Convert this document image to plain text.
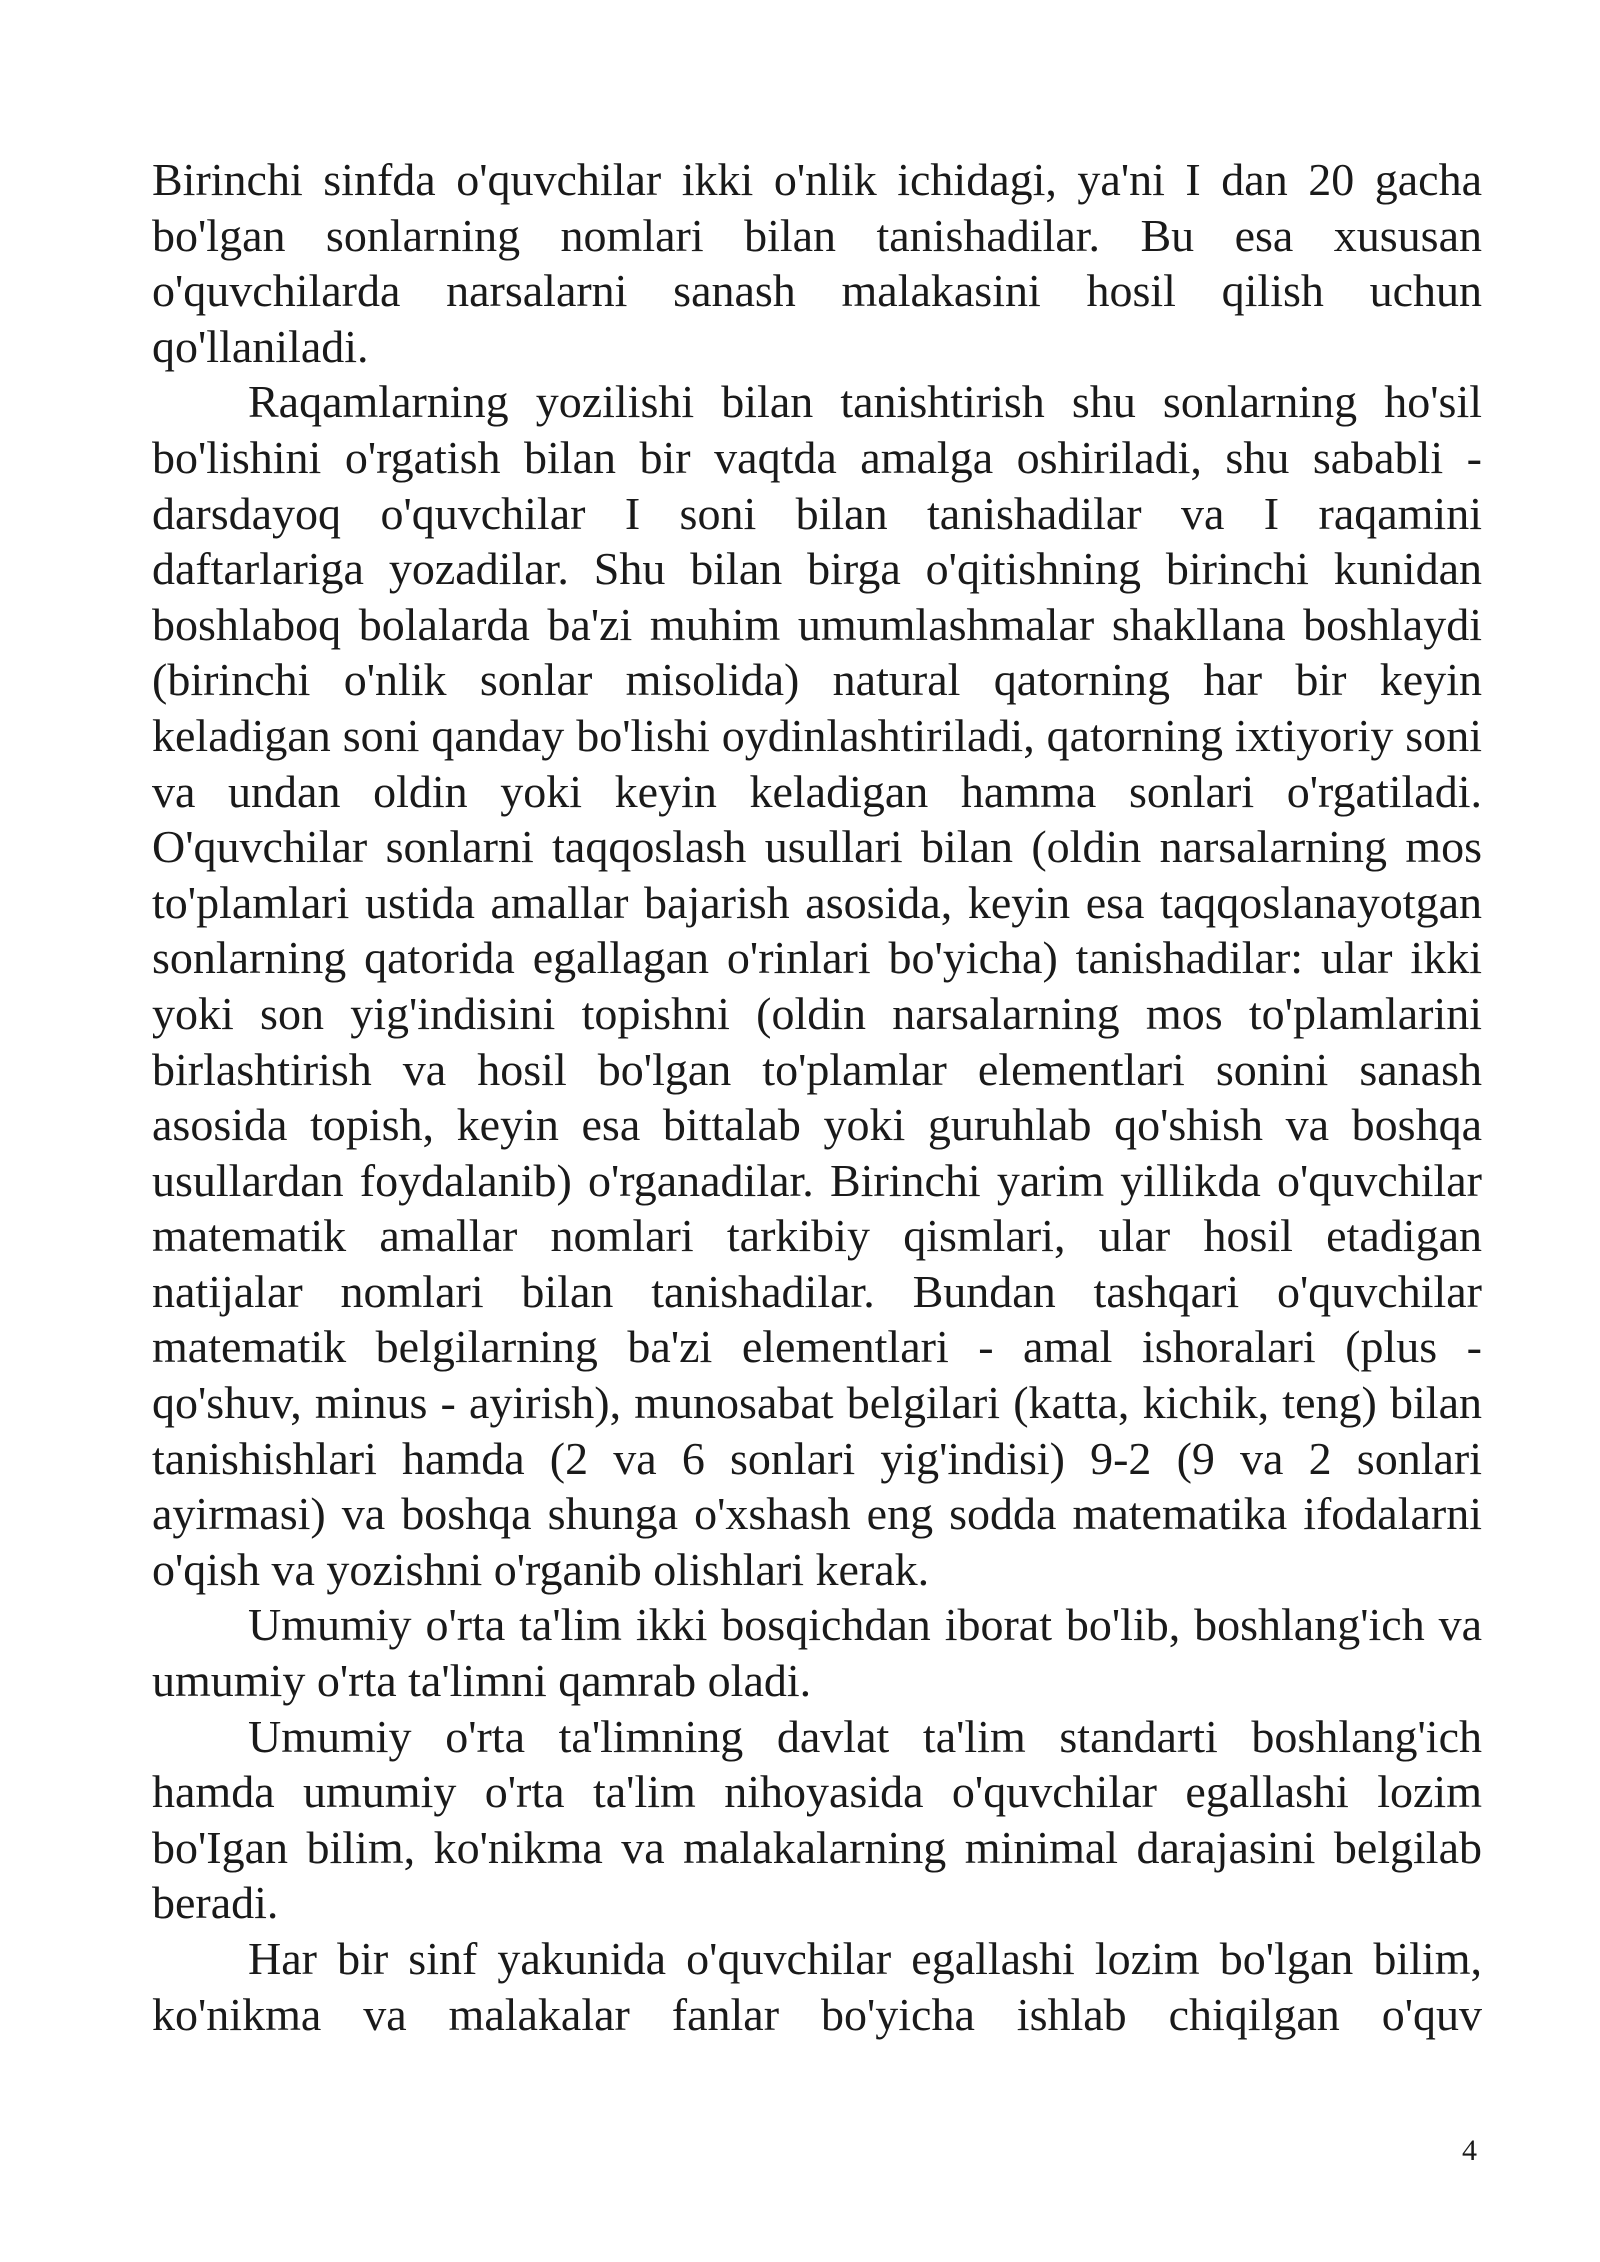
Birinchi sinfda o'quvchilar ikki o'nlik ichidagi, ya'ni I dan 20 gacha bo'lgan sonlarning nomlari bilan tanishadilar. Bu esa xususan o'quvchilarda narsalarni sanash malakasini hosil qilish uchun qo'llaniladi.

Raqamlarning yozilishi bilan tanishtirish shu sonlarning ho'sil bo'lishini o'rgatish bilan bir vaqtda amalga oshiriladi, shu sababli - darsdayoq o'quvchilar I soni bilan tanishadilar va I raqamini daftarlariga yozadilar. Shu bilan birga o'qitishning birinchi kunidan boshlaboq bolalarda ba'zi muhim umumlashmalar shakllana boshlaydi (birinchi o'nlik sonlar misolida) natural qatorning har bir keyin keladigan soni qanday bo'lishi oydinlashtiriladi, qatorning ixtiyoriy soni va undan oldin yoki keyin keladigan hamma sonlari o'rgatiladi. O'quvchilar sonlarni taqqoslash usullari bilan (oldin narsalarning mos to'plamlari ustida amallar bajarish asosida, keyin esa taqqoslanayotgan sonlarning qatorida egallagan o'rinlari bo'yicha) tanishadilar: ular ikki yoki son yig'indisini topishni (oldin narsalarning mos to'plamlarini birlashtirish va hosil bo'lgan to'plamlar elementlari sonini sanash asosida topish, keyin esa bittalab yoki guruhlab qo'shish va boshqa usullardan foydalanib) o'rganadilar. Birinchi yarim yillikda o'quvchilar matematik amallar nomlari tarkibiy qismlari, ular hosil etadigan natijalar nomlari bilan tanishadilar. Bundan tashqari o'quvchilar matematik belgilarning ba'zi elementlari - amal ishoralari (plus - qo'shuv, minus - ayirish), munosabat belgilari (katta, kichik, teng) bilan tanishishlari hamda (2 va 6 sonlari yig'indisi) 9-2 (9 va 2 sonlari ayirmasi) va boshqa shunga o'xshash eng sodda matematika ifodalarni o'qish va yozishni o'rganib olishlari kerak.

Umumiy o'rta ta'lim ikki bosqichdan iborat bo'lib, boshlang'ich va umumiy o'rta ta'limni qamrab oladi.

Umumiy o'rta ta'limning davlat ta'lim standarti boshlang'ich hamda umumiy o'rta ta'lim nihoyasida o'quvchilar egallashi lozim bo'Igan bilim, ko'nikma va malakalarning minimal darajasini belgilab beradi.

Har bir sinf yakunida o'quvchilar egallashi lozim bo'lgan bilim, ko'nikma va malakalar fanlar bo'yicha ishlab chiqilgan o'quv

4
